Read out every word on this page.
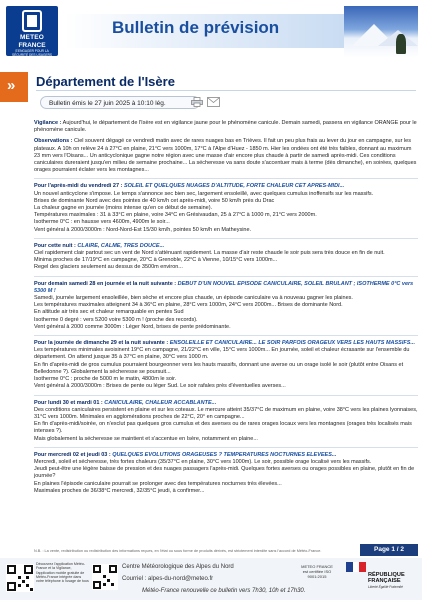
METEO
FRANCE
S'ENGAGER POUR LA SÉCURITÉ DES USAGERS
Bulletin de prévision
» Département de l'Isère
Bulletin émis le 27 juin 2025 à 10:10 lég.
Vigilance : Aujourd'hui, le département de l'Isère est en vigilance jaune pour le phénomène canicule. Demain samedi, passera en vigilance ORANGE pour le phénomène canicule.
Observations : Ciel souvent dégagé ce vendredi matin avec de rares nuages bas en Trièves. Il fait un peu plus frais au lever du jour en campagne, sur les plateaux. A 10h on relève 24 à 27°C en plaine, 21°C vers 1000m, 17°C à l'Alpe d'Huez - 1850 m. Hier les ondées ont été très faibles, donnant au maximum 23 mm vers l'Oisans... Un anticyclonique gagne notre région avec une masse d'air encore plus chaude à partir de samedi après-midi. Ces conditions caniculaires dureraient jusqu'en milieu de semaine prochaine... La sécheresse va sans doute s'accentuer mais à terme (dès dimanche), en soirées, quelques orages pourraient éclater vers les montagnes...
Pour l'après-midi du vendredi 27 : SOLEIL ET QUELQUES NUAGES D'ALTITUDE, FORTE CHALEUR CET APRES-MIDI...
Un nouvel anticyclone s'impose. Le temps s'annonce sec bien sec, largement ensoleillé, avec quelques cumulus inoffensifs sur les massifs.
Brises de dominante Nord avec des pointes de 40 km/h cet après-midi, voire 50 km/h près du Drac
La chaleur gagne en journée (moins intense qu'en ce début de semaine).
Températures maximales : 31 à 33°C en plaine, voire 34°C en Grésivaudan, 25 à 27°C à 1000 m, 21°C vers 2000m.
Isotherme 0°C : en hausse vers 4600m, 4900m le soir...
Vent général à 2000/3000m : Nord-Nord-Est 15/30 km/h, pointes 50 km/h en Matheysine.
Pour cette nuit : CLAIRE, CALME, TRES DOUCE...
Ciel rapidement clair partout sec un vent de Nord s'atténuant rapidement. La masse d'air reste chaude le soir puis sera très douce en fin de nuit.
Minima proches de 17/19°C en campagne, 20°C à Grenoble, 22°C à Vienne, 10/15°C vers 1000m...
Regel des glaciers seulement au dessus de 3500m environ...
Pour demain samedi 28 en journée et la nuit suivante : DEBUT D'UN NOUVEL EPISODE CANICULAIRE, SOLEIL BRULANT ; ISOTHERME 0°C vers 5300 M !
Samedi, journée largement ensoleillée, bien sèche et encore plus chaude, un épisode caniculaire va à nouveau gagner les plaines.
Les températures maximales atteignent 34 à 36°C en plaine, 28°C vers 1000m, 24°C vers 2000m... Brises de dominante Nord.
En altitude air très sec et chaleur remarquable en pentes Sud
Isotherme 0 degré : vers 5200 voire 5300 m ! (proche des records).
Vent général à 2000 comme 3000m : Léger Nord, brises de pente prédominante.
Pour la journée de dimanche 29 et la nuit suivante : ENSOLEILLE ET CANICULAIRE... LE SOIR PARFOIS ORAGEUX VERS LES HAUTS MASSIFS...
Les températures minimales avoisinent 19°C en campagne, 21/22°C en ville, 15°C vers 1000m... En journée, soleil et chaleur écrasante sur l'ensemble du département. On attend jusque 35 à 37°C en plaine, 30°C vers 1000 m.
En fin d'après-midi de gros cumulus pourraient bourgeonner vers les hauts massifs, donnant une averse ou un orage isolé le soir (plutôt entre Oisans et Belledonne ?). Globalement la sécheresse se poursuit...
Isotherme 0°C : proche de 5000 m le matin, 4800m le soir.
Vent général à 2000/3000m : Brises de pente ou léger Sud. Le soir rafales près d'éventuelles averses...
Pour lundi 30 et mardi 01 : CANICULAIRE, CHALEUR ACCABLANTE...
Des conditions caniculaires persistent en plaine et sur les coteaux. Le mercure atteint 35/37°C de maximum en plaine, voire 38°C vers les plaines lyonnaises, 31°C vers 1000m. Minimales en agglomérations proches de 22°C, 20° en campagne...
En fin d'après-midi/soirée, on n'exclut pas quelques gros cumulus et des averses ou de rares orages locaux vers les montagnes (orages très localisés mais intenses ?).
Mais globalement la sécheresse se maintient et s'accentue en Isère, notamment en plaine...
Pour mercredi 02 et jeudi 03 : QUELQUES EVOLUTIONS ORAGEUSES ? TEMPERATURES NOCTURNES ELEVEES...
Mercredi, soleil et sécheresse, très fortes chaleurs (35/37°C en plaine, 30°C vers 1000m). Le soir, possible orage localisé vers les massifs.
Jeudi peut-être une légère baisse de pression et des nuages passagers l'après-midi. Quelques fortes averses ou orages possibles en plaine, plutôt en fin de journée?
En plaines l'épisode caniculaire pourrait se prolonger avec des températures nocturnes très élevées...
Maximales proches de 36/38°C mercredi, 32/35°C jeudi, à confirmer...
N.B. : La vente, redistribution ou redistribution des informations reçues, en l'état ou sous forme de produits dérivés, est strictement interdite sans l'accord de Météo-France.	Page 1 / 2
Découvrez l'application Météo-France et la Vigilance, l'application mobile gratuite de Météo-France intégrée dans votre téléphone à l'usage de tous
Centre Météorologique des Alpes du Nord
Courriel : alpes-du-nord@meteo.fr
Météo-France renouvelle ce bulletin vers 7h30, 10h et 17h30.
METEO FRANCE est certifiée ISO 9001:2015	RÉPUBLIQUE
FRANÇAISE
Liberté Égalité Fraternité
